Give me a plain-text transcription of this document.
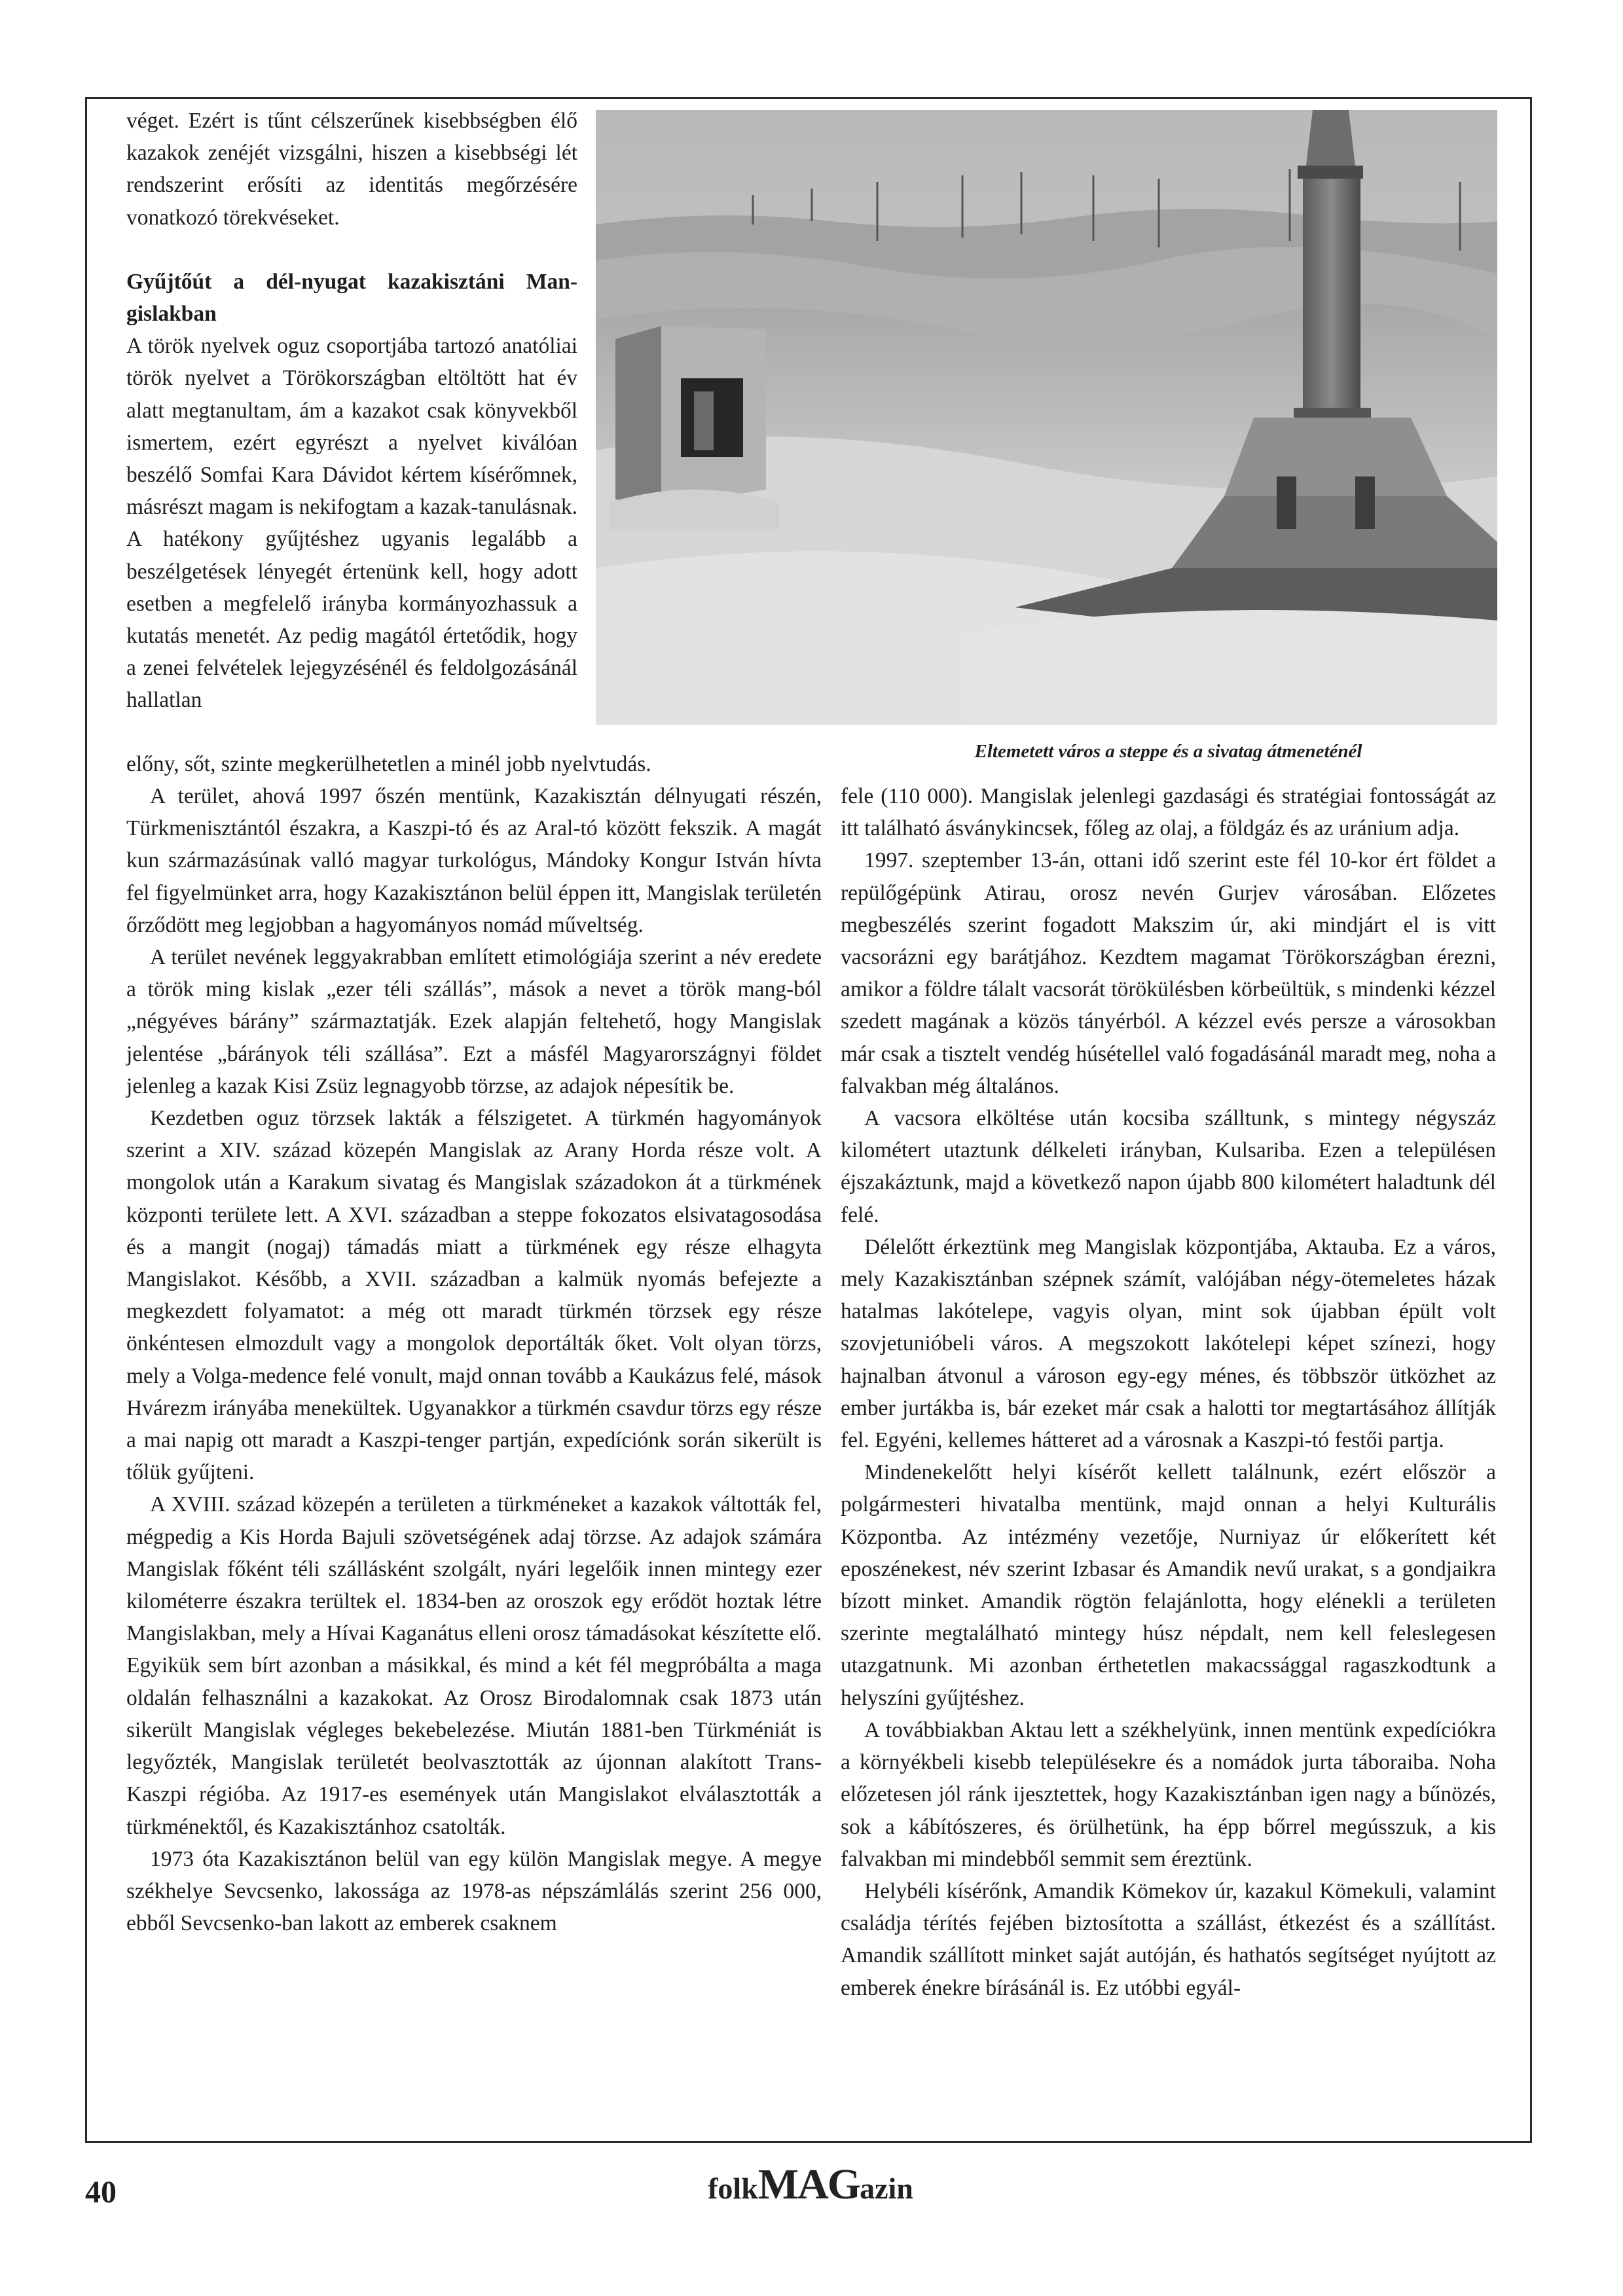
véget. Ezért is tűnt célszerűnek kisebbségben élő kazakok zenéjét vizsgálni, hiszen a kisebbségi lét rendszerint erősíti az identitás megőrzésére vonatkozó törekvéseket.

Gyűjtőút a dél-nyugat kazakisztáni Mangislakban

A török nyelvek oguz csoportjába tartozó anatóliai török nyelvet a Törökországban eltöltött hat év alatt megtanultam, ám a kazakot csak könyvekből ismertem, ezért egyrészt a nyelvet kiválóan beszélő Somfai Kara Dávidot kértem kísérőmnek, másrészt magam is nekifogtam a kazak-tanulásnak. A hatékony gyűjtéshez ugyanis legalább a beszélgetések lényegét értenünk kell, hogy adott esetben a megfelelő irányba kormányozhassuk a kutatás menetét. Az pedig magától értetődik, hogy a zenei felvételek lejegyzésénél és feldolgozásánál hallatlan

Eltemetett város a steppe és a sivatag átmeneténél

előny, sőt, szinte megkerülhetetlen a minél jobb nyelvtudás.

A terület, ahová 1997 őszén mentünk, Kazakisztán délnyugati részén, Türkmenisztántól északra, a Kaszpi-tó és az Aral-tó között fekszik. A magát kun származásúnak valló magyar turkológus, Mándoky Kongur István hívta fel figyelmünket arra, hogy Kazakisztánon belül éppen itt, Mangislak területén őrződött meg legjobban a hagyományos nomád műveltség.

A terület nevének leggyakrabban említett etimológiája szerint a név eredete a török ming kislak „ezer téli szállás”, mások a nevet a török mang-ból „négyéves bárány” származtatják. Ezek alapján feltehető, hogy Mangislak jelentése „bárányok téli szállása”. Ezt a másfél Magyarországnyi földet jelenleg a kazak Kisi Zsüz legnagyobb törzse, az adajok népesítik be.

Kezdetben oguz törzsek lakták a félszigetet. A türkmén hagyományok szerint a XIV. század közepén Mangislak az Arany Horda része volt. A mongolok után a Karakum sivatag és Mangislak századokon át a türkmének központi területe lett. A XVI. században a steppe fokozatos elsivatagosodása és a mangit (nogaj) támadás miatt a türkmének egy része elhagyta Mangislakot. Később, a XVII. században a kalmük nyomás befejezte a megkezdett folyamatot: a még ott maradt türkmén törzsek egy része önkéntesen elmozdult vagy a mongolok deportálták őket. Volt olyan törzs, mely a Volga-medence felé vonult, majd onnan tovább a Kaukázus felé, mások Hvárezm irányába menekültek. Ugyanakkor a türkmén csavdur törzs egy része a mai napig ott maradt a Kaszpi-tenger partján, expedíciónk során sikerült is tőlük gyűjteni.

A XVIII. század közepén a területen a türkméneket a kazakok váltották fel, mégpedig a Kis Horda Bajuli szövetségének adaj törzse. Az adajok számára Mangislak főként téli szállásként szolgált, nyári legelőik innen mintegy ezer kilométerre északra terültek el. 1834-ben az oroszok egy erődöt hoztak létre Mangislakban, mely a Hívai Kaganátus elleni orosz támadásokat készítette elő. Egyikük sem bírt azonban a másikkal, és mind a két fél megpróbálta a maga oldalán felhasználni a kazakokat. Az Orosz Birodalomnak csak 1873 után sikerült Mangislak végleges bekebelezése. Miután 1881-ben Türkméniát is legyőzték, Mangislak területét beolvasztották az újonnan alakított Trans-Kaszpi régióba. Az 1917-es események után Mangislakot elválasztották a türkménektől, és Kazakisztánhoz csatolták.

1973 óta Kazakisztánon belül van egy külön Mangislak megye. A megye székhelye Sevcsenko, lakossága az 1978-as népszámlálás szerint 256 000, ebből Sevcsenko-ban lakott az emberek csaknem

fele (110 000). Mangislak jelenlegi gazdasági és stratégiai fontosságát az itt található ásványkincsek, főleg az olaj, a földgáz és az uránium adja.

1997. szeptember 13-án, ottani idő szerint este fél 10-kor ért földet a repülőgépünk Atirau, orosz nevén Gurjev városában. Előzetes megbeszélés szerint fogadott Makszim úr, aki mindjárt el is vitt vacsorázni egy barátjához. Kezdtem magamat Törökországban érezni, amikor a földre tálalt vacsorát törökülésben körbeültük, s mindenki kézzel szedett magának a közös tányérból. A kézzel evés persze a városokban már csak a tisztelt vendég húsétellel való fogadásánál maradt meg, noha a falvakban még általános.

A vacsora elköltése után kocsiba szálltunk, s mintegy négyszáz kilométert utaztunk délkeleti irányban, Kulsariba. Ezen a településen éjszakáztunk, majd a következő napon újabb 800 kilométert haladtunk dél felé.

Délelőtt érkeztünk meg Mangislak központjába, Aktauba. Ez a város, mely Kazakisztánban szépnek számít, valójában négy-ötemeletes házak hatalmas lakótelepe, vagyis olyan, mint sok újabban épült volt szovjetunióbeli város. A megszokott lakótelepi képet színezi, hogy hajnalban átvonul a városon egy-egy ménes, és többször ütközhet az ember jurtákba is, bár ezeket már csak a halotti tor megtartásához állítják fel. Egyéni, kellemes hátteret ad a városnak a Kaszpi-tó festői partja.

Mindenekelőtt helyi kísérőt kellett találnunk, ezért először a polgármesteri hivatalba mentünk, majd onnan a helyi Kulturális Központba. Az intézmény vezetője, Nurniyaz úr előkerített két eposzénekest, név szerint Izbasar és Amandik nevű urakat, s a gondjaikra bízott minket. Amandik rögtön felajánlotta, hogy elénekli a területen szerinte megtalálható mintegy húsz népdalt, nem kell feleslegesen utazgatnunk. Mi azonban érthetetlen makacssággal ragaszkodtunk a helyszíni gyűjtéshez.

A továbbiakban Aktau lett a székhelyünk, innen mentünk expedíciókra a környékbeli kisebb településekre és a nomádok jurta táboraiba. Noha előzetesen jól ránk ijesztettek, hogy Kazakisztánban igen nagy a bűnözés, sok a kábítószeres, és örülhetünk, ha épp bőrrel megússzuk, a kis falvakban mi mindebből semmit sem éreztünk.

Helybéli kísérőnk, Amandik Kömekov úr, kazakul Kömekuli, valamint családja térítés fejében biztosította a szállást, étkezést és a szállítást. Amandik szállított minket saját autóján, és hathatós segítséget nyújtott az emberek énekre bírásánál is. Ez utóbbi egyál-

40	folkMAGazin
